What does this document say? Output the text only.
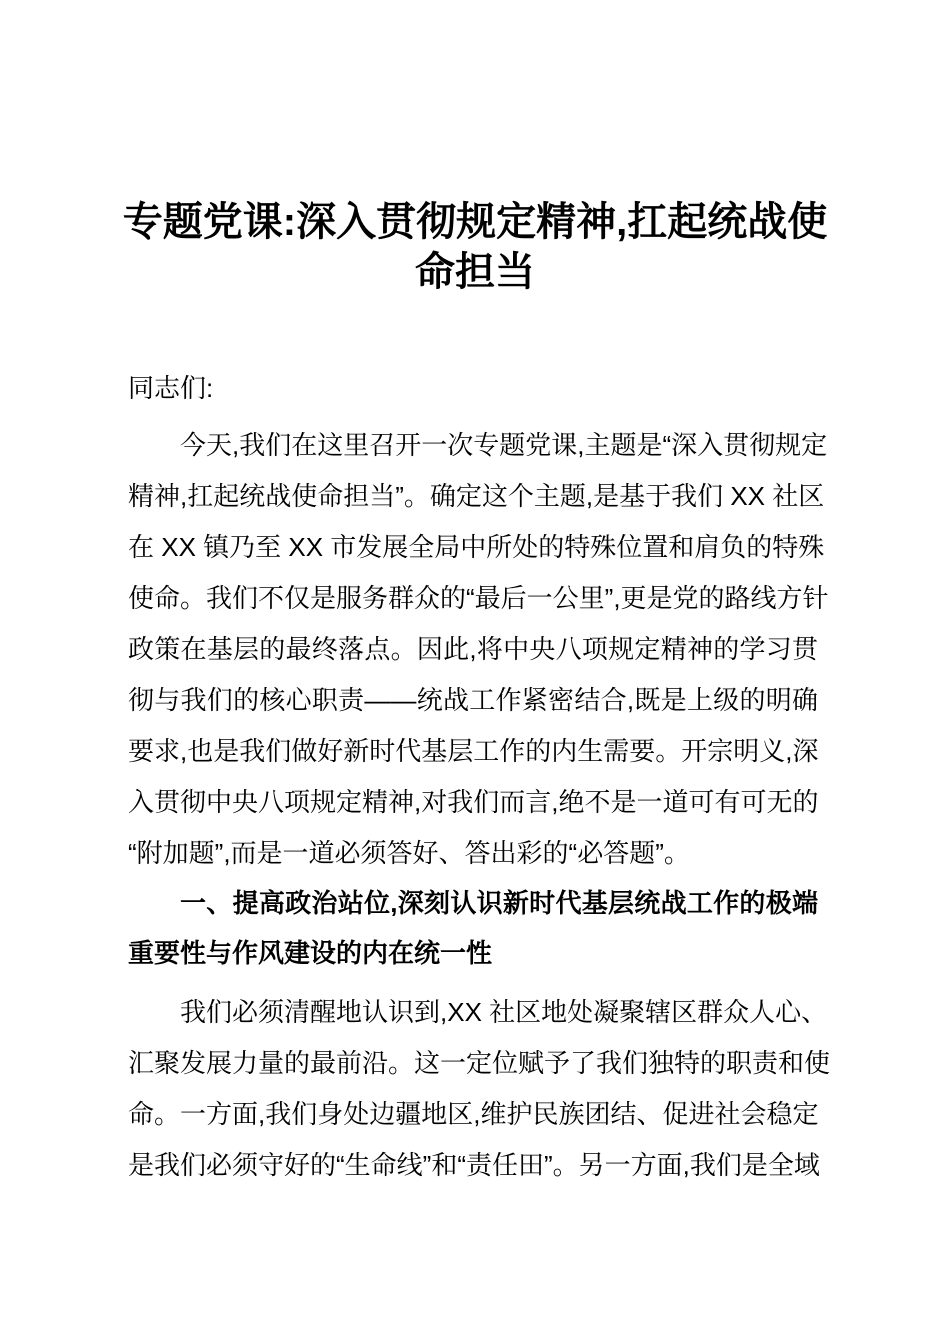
专题党课:深入贯彻规定精神,扛起统战使
命担当
同志们:
今天,我们在这里召开一次专题党课,主题是“深入贯彻规定
精神,扛起统战使命担当”。确定这个主题,是基于我们 XX 社区
在 XX 镇乃至 XX 市发展全局中所处的特殊位置和肩负的特殊
使命。我们不仅是服务群众的“最后一公里”,更是党的路线方针
政策在基层的最终落点。因此,将中央八项规定精神的学习贯
彻与我们的核心职责——统战工作紧密结合,既是上级的明确
要求,也是我们做好新时代基层工作的内生需要。开宗明义,深
入贯彻中央八项规定精神,对我们而言,绝不是一道可有可无的
“附加题”,而是一道必须答好、答出彩的“必答题”。
一、提高政治站位,深刻认识新时代基层统战工作的极端
重要性与作风建设的内在统一性
我们必须清醒地认识到,XX 社区地处凝聚辖区群众人心、
汇聚发展力量的最前沿。这一定位赋予了我们独特的职责和使
命。一方面,我们身处边疆地区,维护民族团结、促进社会稳定
是我们必须守好的“生命线”和“责任田”。另一方面,我们是全域
